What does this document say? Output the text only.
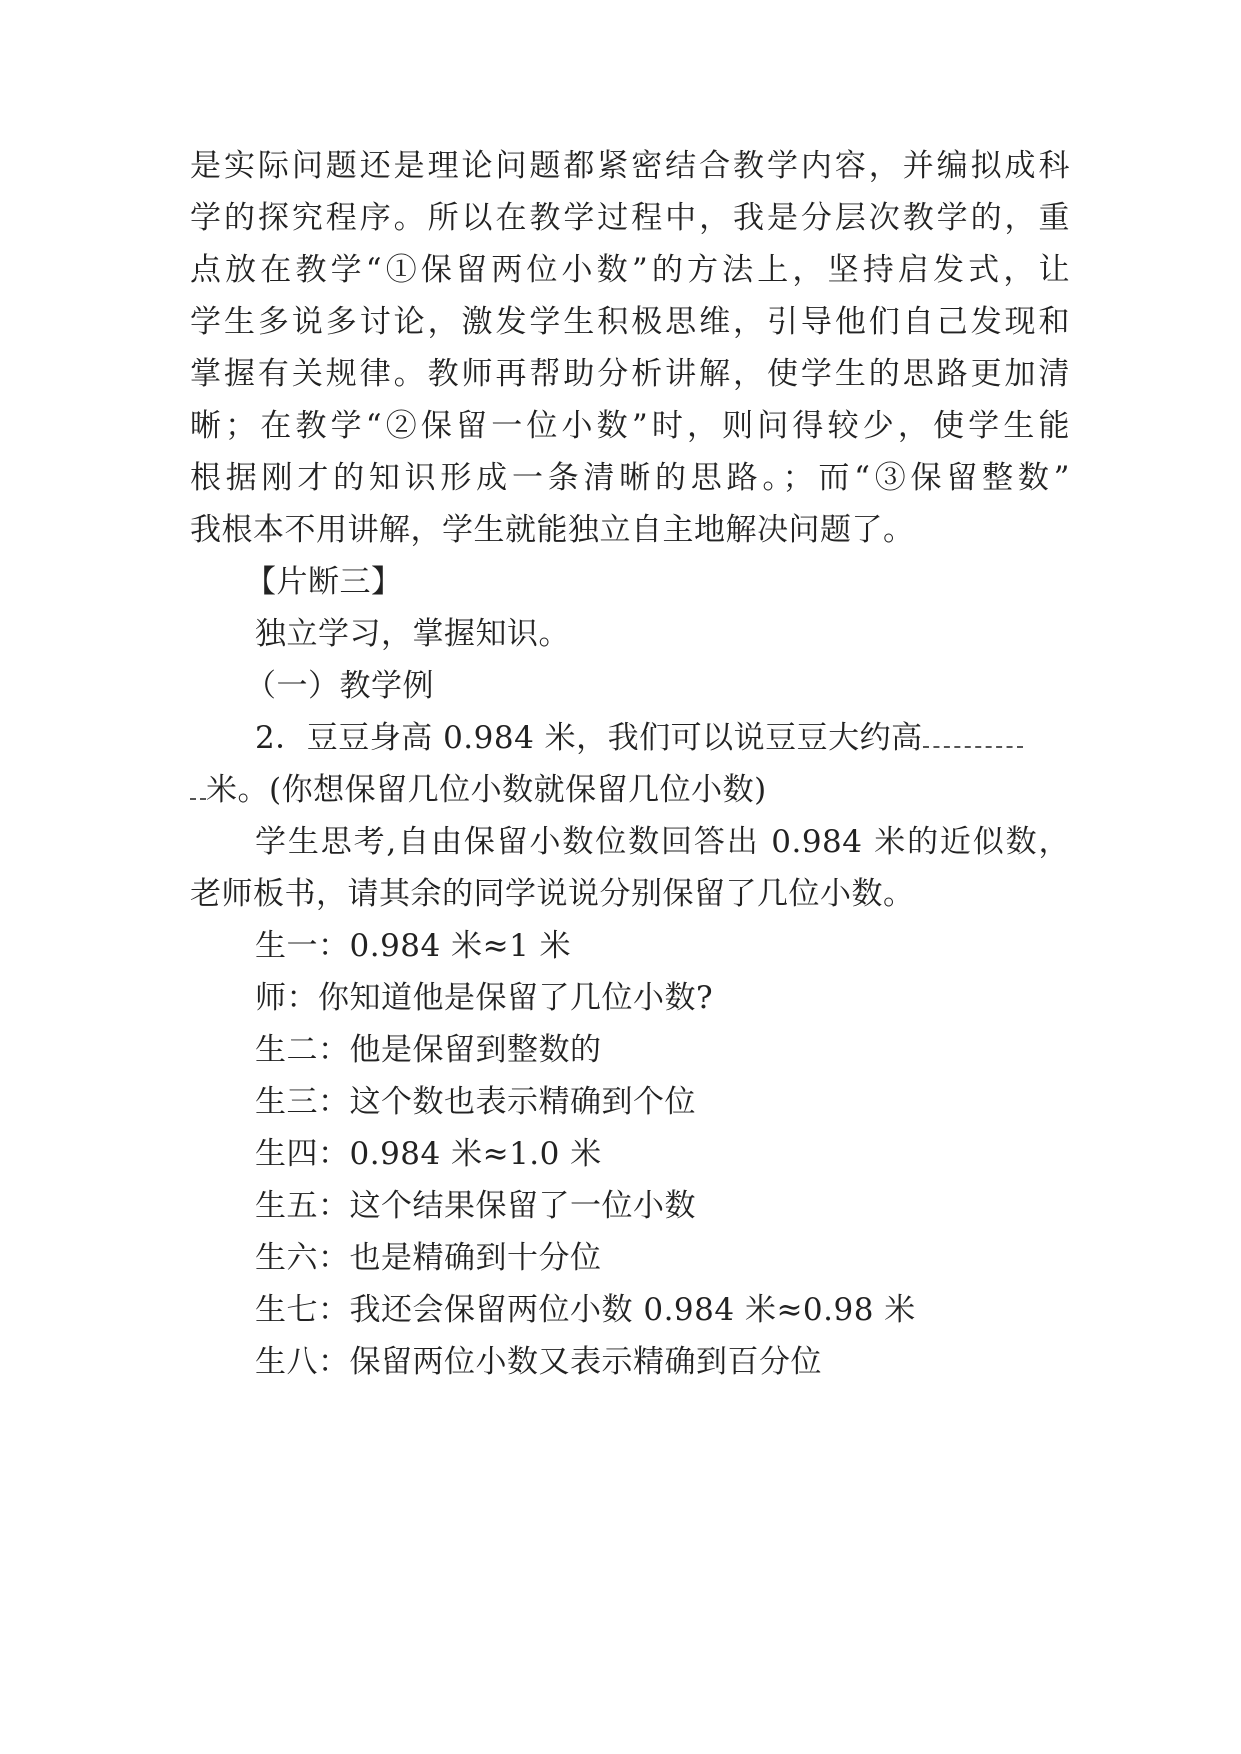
是实际问题还是理论问题都紧密结合教学内容，并编拟成科
学的探究程序。所以在教学过程中，我是分层次教学的，重
点放在教学“①保留两位小数”的方法上，坚持启发式，让
学生多说多讨论，激发学生积极思维，引导他们自己发现和
掌握有关规律。教师再帮助分析讲解，使学生的思路更加清
晰；在教学“②保留一位小数”时，则问得较少，使学生能
根据刚才的知识形成一条清晰的思路。；而“③保留整数”
我根本不用讲解，学生就能独立自主地解决问题了。
【片断三】
独立学习，掌握知识。
（一）教学例
2．豆豆身高 0.984 米，我们可以说豆豆大约高
米。(你想保留几位小数就保留几位小数)
学生思考,自由保留小数位数回答出 0.984 米的近似数，
老师板书，请其余的同学说说分别保留了几位小数。
生一：0.984 米≈1 米
师：你知道他是保留了几位小数?
生二：他是保留到整数的
生三：这个数也表示精确到个位
生四：0.984 米≈1.0 米
生五：这个结果保留了一位小数
生六：也是精确到十分位
生七：我还会保留两位小数 0.984 米≈0.98 米
生八：保留两位小数又表示精确到百分位
